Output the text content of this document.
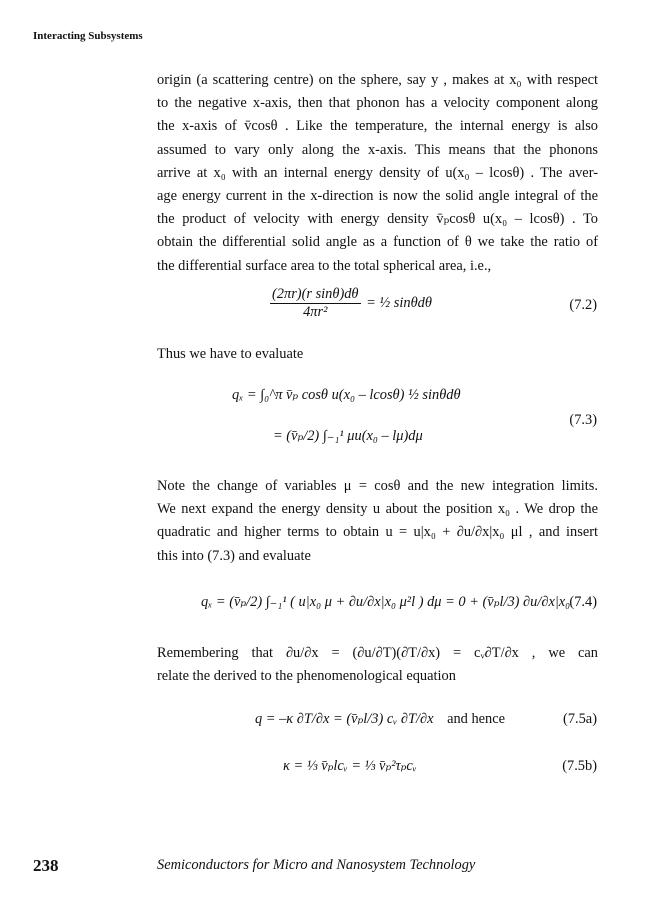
Interacting Subsystems
origin (a scattering centre) on the sphere, say y , makes at x₀ with respect
to the negative x-axis, then that phonon has a velocity component along
the x-axis of v̄cosθ . Like the temperature, the internal energy is also
assumed to vary only along the x-axis. This means that the phonons
arrive at x₀ with an internal energy density of u(x₀ – lcosθ) . The aver-
age energy current in the x-direction is now the solid angle integral of the
the product of velocity with energy density v̄ₚcosθ u(x₀ – lcosθ) . To
obtain the differential solid angle as a function of θ we take the ratio of
the differential surface area to the total spherical area, i.e.,
$\frac{\text{(2πr)(r sinθ)dθ}}{\text{4πr²}}$ = ½ sinθdθ	(7.2)
Thus we have to evaluate
qₓ = ∫₀^π v̄ₚ cosθ u(x₀ – lcosθ) ½ sinθdθ
= (v̄ₚ/2) ∫₋₁¹ μu(x₀ – lμ)dμ
(7.3)
Note the change of variables μ = cosθ and the new integration limits.
We next expand the energy density u about the position x₀ . We drop the
quadratic and higher terms to obtain u = u|x₀ + ∂u/∂x|x₀ μl , and insert
this into (7.3) and evaluate
qₓ = (v̄ₚ/2) ∫₋₁¹ ( u|x₀ μ + ∂u/∂x|x₀ μ²l ) dμ = 0 + (v̄ₚl/3) ∂u/∂x|x₀ (7.4)
Remembering that ∂u/∂x = (∂u/∂T)(∂T/∂x) = cᵥ∂T/∂x , we can
relate the derived to the phenomenological equation
q = –κ ∂T/∂x = (v̄ₚl/3) cᵥ ∂T/∂x and hence	(7.5a)
κ = ⅓ v̄ₚlcᵥ = ⅓ v̄ₚ²τₚcᵥ	(7.5b)
238	Semiconductors for Micro and Nanosystem Technology
